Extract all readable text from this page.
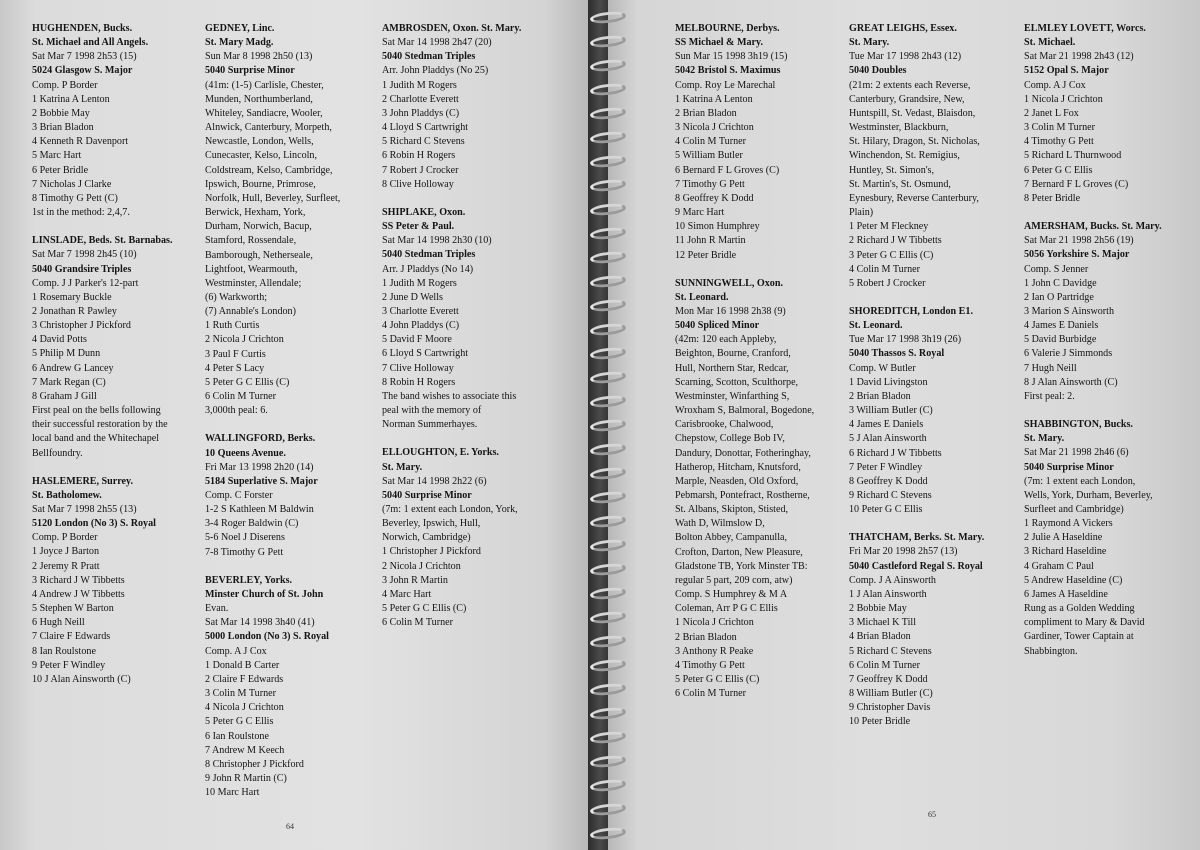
HUGHENDEN, Bucks.
St. Michael and All Angels.
Sat Mar 7 1998 2h53 (15)
5024 Glasgow S. Major
Comp. P Border
1 Katrina A Lenton
2 Bobbie May
3 Brian Bladon
4 Kenneth R Davenport
5 Marc Hart
6 Peter Bridle
7 Nicholas J Clarke
8 Timothy G Pett (C)
1st in the method: 2,4,7.
LINSLADE, Beds. St. Barnabas.
Sat Mar 7 1998 2h45 (10)
5040 Grandsire Triples
Comp. J J Parker's 12-part
1 Rosemary Buckle
2 Jonathan R Pawley
3 Christopher J Pickford
4 David Potts
5 Philip M Dunn
6 Andrew G Lancey
7 Mark Regan (C)
8 Graham J Gill
First peal on the bells following
their successful restoration by the
local band and the Whitechapel
Bellfoundry.
HASLEMERE, Surrey.
St. Batholomew.
Sat Mar 7 1998 2h55 (13)
5120 London (No 3) S. Royal
Comp. P Border
1 Joyce J Barton
2 Jeremy R Pratt
3 Richard J W Tibbetts
4 Andrew J W Tibbetts
5 Stephen W Barton
6 Hugh Neill
7 Claire F Edwards
8 Ian Roulstone
9 Peter F Windley
10 J Alan Ainsworth (C)
GEDNEY, Linc.
St. Mary Madg.
Sun Mar 8 1998 2h50 (13)
5040 Surprise Minor
(41m: (1-5) Carlisle, Chester,
Munden, Northumberland,
Whiteley, Sandiacre, Wooler,
Alnwick, Canterbury, Morpeth,
Newcastle, London, Wells,
Cunecaster, Kelso, Lincoln,
Coldstream, Kelso, Cambridge,
Ipswich, Bourne, Primrose,
Norfolk, Hull, Beverley, Surfleet,
Berwick, Hexham, York,
Durham, Norwich, Bacup,
Stamford, Rossendale,
Bamborough, Netherseale,
Lightfoot, Wearmouth,
Westminster, Allendale;
(6) Warkworth;
(7) Annable's London)
1 Ruth Curtis
2 Nicola J Crichton
3 Paul F Curtis
4 Peter S Lacy
5 Peter G C Ellis (C)
6 Colin M Turner
3,000th peal: 6.
WALLINGFORD, Berks.
10 Queens Avenue.
Fri Mar 13 1998 2h20 (14)
5184 Superlative S. Major
Comp. C Forster
1-2 S Kathleen M Baldwin
3-4 Roger Baldwin (C)
5-6 Noel J Diserens
7-8 Timothy G Pett
BEVERLEY, Yorks.
Minster Church of St. John
Evan.
Sat Mar 14 1998 3h40 (41)
5000 London (No 3) S. Royal
Comp. A J Cox
1 Donald B Carter
2 Claire F Edwards
3 Colin M Turner
4 Nicola J Crichton
5 Peter G C Ellis
6 Ian Roulstone
7 Andrew M Keech
8 Christopher J Pickford
9 John R Martin (C)
10 Marc Hart
AMBROSDEN, Oxon. St. Mary.
Sat Mar 14 1998 2h47 (20)
5040 Stedman Triples
Arr. John Pladdys (No 25)
1 Judith M Rogers
2 Charlotte Everett
3 John Pladdys (C)
4 Lloyd S Cartwright
5 Richard C Stevens
6 Robin H Rogers
7 Robert J Crocker
8 Clive Holloway
SHIPLAKE, Oxon.
SS Peter & Paul.
Sat Mar 14 1998 2h30 (10)
5040 Stedman Triples
Arr. J Pladdys (No 14)
1 Judith M Rogers
2 June D Wells
3 Charlotte Everett
4 John Pladdys (C)
5 David F Moore
6 Lloyd S Cartwright
7 Clive Holloway
8 Robin H Rogers
The band wishes to associate this
peal with the memory of
Norman Summerhayes.
ELLOUGHTON, E. Yorks.
St. Mary.
Sat Mar 14 1998 2h22 (6)
5040 Surprise Minor
(7m: 1 extent each London, York,
Beverley, Ipswich, Hull,
Norwich, Cambridge)
1 Christopher J Pickford
2 Nicola J Crichton
3 John R Martin
4 Marc Hart
5 Peter G C Ellis (C)
6 Colin M Turner
64
MELBOURNE, Derbys.
SS Michael & Mary.
Sun Mar 15 1998 3h19 (15)
5042 Bristol S. Maximus
Comp. Roy Le Marechal
1 Katrina A Lenton
2 Brian Bladon
3 Nicola J Crichton
4 Colin M Turner
5 William Butler
6 Bernard F L Groves (C)
7 Timothy G Pett
8 Geoffrey K Dodd
9 Marc Hart
10 Simon Humphrey
11 John R Martin
12 Peter Bridle
SUNNINGWELL, Oxon.
St. Leonard.
Mon Mar 16 1998 2h38 (9)
5040 Spliced Minor
(42m: 120 each Appleby,
Beighton, Bourne, Cranford,
Hull, Northern Star, Redcar,
Scarning, Scotton, Sculthorpe,
Westminster, Winfarthing S,
Wroxham S, Balmoral, Bogedone,
Carisbrooke, Chalwood,
Chepstow, College Bob IV,
Dandury, Donottar, Fotheringhay,
Hatherop, Hitcham, Knutsford,
Marple, Neasden, Old Oxford,
Pebmarsh, Pontefract, Rostherne,
St. Albans, Skipton, Stisted,
Wath D, Wilmslow D,
Bolton Abbey, Campanulla,
Crofton, Darton, New Pleasure,
Gladstone TB, York Minster TB:
regular 5 part, 209 com, atw)
Comp. S Humphrey & M A
Coleman, Arr P G C Ellis
1 Nicola J Crichton
2 Brian Bladon
3 Anthony R Peake
4 Timothy G Pett
5 Peter G C Ellis (C)
6 Colin M Turner
GREAT LEIGHS, Essex.
St. Mary.
Tue Mar 17 1998 2h43 (12)
5040 Doubles
(21m: 2 extents each Reverse,
Canterbury, Grandsire, New,
Huntspill, St. Vedast, Blaisdon,
Westminster, Blackburn,
St. Hilary, Dragon, St. Nicholas,
Winchendon, St. Remigius,
Huntley, St. Simon's,
St. Martin's, St. Osmund,
Eynesbury, Reverse Canterbury,
Plain)
1 Peter M Fleckney
2 Richard J W Tibbetts
3 Peter G C Ellis (C)
4 Colin M Turner
5 Robert J Crocker
SHOREDITCH, London E1.
St. Leonard.
Tue Mar 17 1998 3h19 (26)
5040 Thassos S. Royal
Comp. W Butler
1 David Livingston
2 Brian Bladon
3 William Butler (C)
4 James E Daniels
5 J Alan Ainsworth
6 Richard J W Tibbetts
7 Peter F Windley
8 Geoffrey K Dodd
9 Richard C Stevens
10 Peter G C Ellis
THATCHAM, Berks. St. Mary.
Fri Mar 20 1998 2h57 (13)
5040 Castleford Regal S. Royal
Comp. J A Ainsworth
1 J Alan Ainsworth
2 Bobbie May
3 Michael K Till
4 Brian Bladon
5 Richard C Stevens
6 Colin M Turner
7 Geoffrey K Dodd
8 William Butler (C)
9 Christopher Davis
10 Peter Bridle
ELMLEY LOVETT, Worcs.
St. Michael.
Sat Mar 21 1998 2h43 (12)
5152 Opal S. Major
Comp. A J Cox
1 Nicola J Crichton
2 Janet L Fox
3 Colin M Turner
4 Timothy G Pett
5 Richard L Thurnwood
6 Peter G C Ellis
7 Bernard F L Groves (C)
8 Peter Bridle
AMERSHAM, Bucks. St. Mary.
Sat Mar 21 1998 2h56 (19)
5056 Yorkshire S. Major
Comp. S Jenner
1 John C Davidge
2 Ian O Partridge
3 Marion S Ainsworth
4 James E Daniels
5 David Burbidge
6 Valerie J Simmonds
7 Hugh Neill
8 J Alan Ainsworth (C)
First peal: 2.
SHABBINGTON, Bucks.
St. Mary.
Sat Mar 21 1998 2h46 (6)
5040 Surprise Minor
(7m: 1 extent each London,
Wells, York, Durham, Beverley,
Surfleet and Cambridge)
1 Raymond A Vickers
2 Julie A Haseldine
3 Richard Haseldine
4 Graham C Paul
5 Andrew Haseldine (C)
6 James A Haseldine
Rung as a Golden Wedding
compliment to Mary & David
Gardiner, Tower Captain at
Shabbington.
65
